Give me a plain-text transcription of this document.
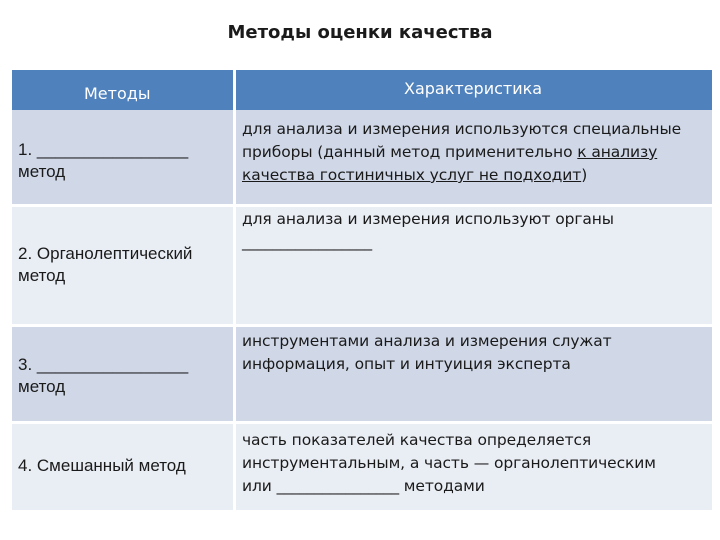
Методы оценки качества
Методы	Характеристика
1. ________________
метод
для анализа и измерения используются специальные
приборы (данный метод применительно к анализу
качества гостиничных услуг не подходит)
2. Органолептический
метод
для анализа и измерения используют органы
_________________
3. ________________
метод
инструментами анализа и измерения служат
информация, опыт и интуиция эксперта
4. Смешанный метод
часть показателей качества определяется
инструментальным, а часть — органолептическим
или ________________ методами
